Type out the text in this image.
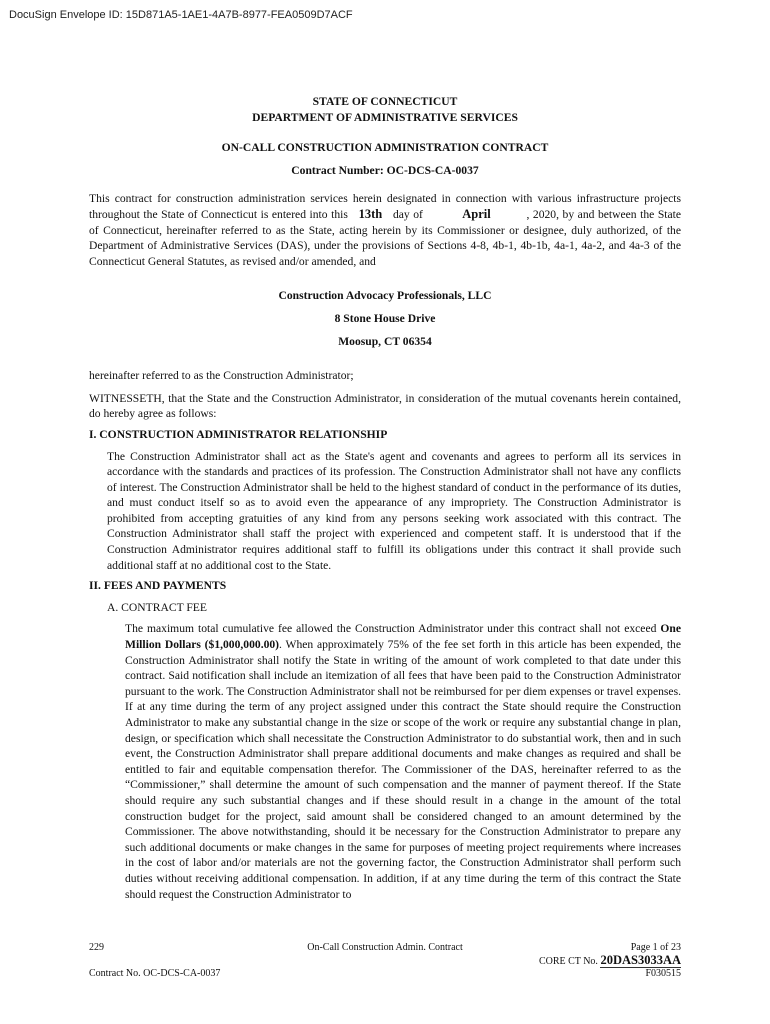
DocuSign Envelope ID: 15D871A5-1AE1-4A7B-8977-FEA0509D7ACF

STATE OF CONNECTICUT

DEPARTMENT OF ADMINISTRATIVE SERVICES

ON-CALL CONSTRUCTION ADMINISTRATION CONTRACT

Contract Number: OC-DCS-CA-0037

This contract for construction administration services herein designated in connection with various infrastructure projects throughout the State of Connecticut is entered into this 13th day of	April	, 2020, by and between the State of Connecticut, hereinafter referred to as the State, acting herein by its Commissioner or designee, duly authorized, of the Department of Administrative Services (DAS), under the provisions of Sections 4-8, 4b-1, 4b-1b, 4a-1, 4a-2, and 4a-3 of the Connecticut General Statutes, as revised and/or amended, and

Construction Advocacy Professionals, LLC

8 Stone House Drive

Moosup, CT 06354

hereinafter referred to as the Construction Administrator;

WITNESSETH, that the State and the Construction Administrator, in consideration of the mutual covenants herein contained, do hereby agree as follows:

I. CONSTRUCTION ADMINISTRATOR RELATIONSHIP

The Construction Administrator shall act as the State's agent and covenants and agrees to perform all its services in accordance with the standards and practices of its profession. The Construction Administrator shall not have any conflicts of interest. The Construction Administrator shall be held to the highest standard of conduct in the performance of its duties, and must conduct itself so as to avoid even the appearance of any impropriety. The Construction Administrator is prohibited from accepting gratuities of any kind from any persons seeking work associated with this contract. The Construction Administrator shall staff the project with experienced and competent staff. It is understood that if the Construction Administrator requires additional staff to fulfill its obligations under this contract it shall provide such additional staff at no additional cost to the State.

II. FEES AND PAYMENTS

A. CONTRACT FEE

The maximum total cumulative fee allowed the Construction Administrator under this contract shall not exceed One Million Dollars ($1,000,000.00). When approximately 75% of the fee set forth in this article has been expended, the Construction Administrator shall notify the State in writing of the amount of work completed to that date under this contract. Said notification shall include an itemization of all fees that have been paid to the Construction Administrator pursuant to the work. The Construction Administrator shall not be reimbursed for per diem expenses or travel expenses. If at any time during the term of any project assigned under this contract the State should require the Construction Administrator to make any substantial change in the size or scope of the work or require any substantial change in plan, design, or specification which shall necessitate the Construction Administrator to do substantial work, then and in such event, the Construction Administrator shall prepare additional documents and make changes as required and shall be entitled to fair and equitable compensation therefor. The Commissioner of the DAS, hereinafter referred to as the “Commissioner,” shall determine the amount of such compensation and the manner of payment thereof. If the State should require any such substantial changes and if these should result in a change in the amount of the total construction budget for the project, said amount shall be considered changed to an amount determined by the Commissioner. The above notwithstanding, should it be necessary for the Construction Administrator to prepare any such additional documents or make changes in the same for purposes of meeting project requirements where increases in the cost of labor and/or materials are not the governing factor, the Construction Administrator shall perform such duties without receiving additional compensation. In addition, if at any time during the term of this contract the State should request the Construction Administrator to

229	On-Call Construction Admin. Contract	Page 1 of 23
CORE CT No. 20DAS3033AA
Contract No. OC-DCS-CA-0037	F030515
